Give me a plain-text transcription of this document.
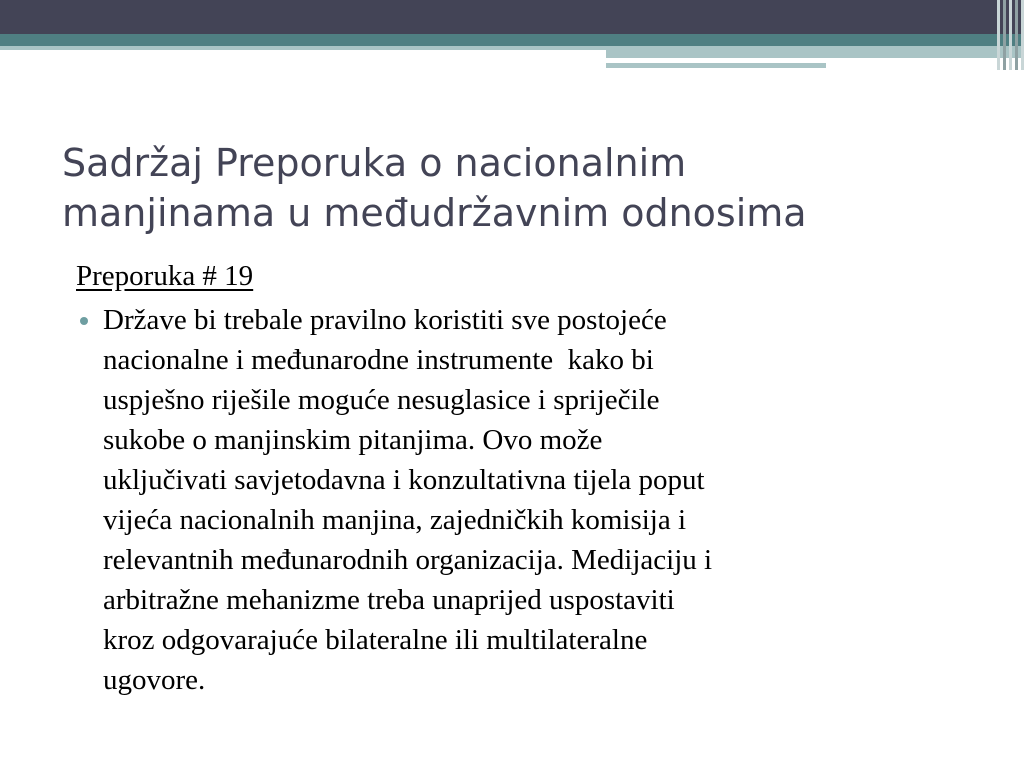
Sadržaj Preporuka o nacionalnim
manjinama u međudržavnim odnosima

Preporuka # 19

Države bi trebale pravilno koristiti sve postojeće
nacionalne i međunarodne instrumente  kako bi
uspješno riješile moguće nesuglasice i spriječile
sukobe o manjinskim pitanjima. Ovo može
uključivati savjetodavna i konzultativna tijela poput
vijeća nacionalnih manjina, zajedničkih komisija i
relevantnih međunarodnih organizacija. Medijaciju i
arbitražne mehanizme treba unaprijed uspostaviti
kroz odgovarajuće bilateralne ili multilateralne
ugovore.
